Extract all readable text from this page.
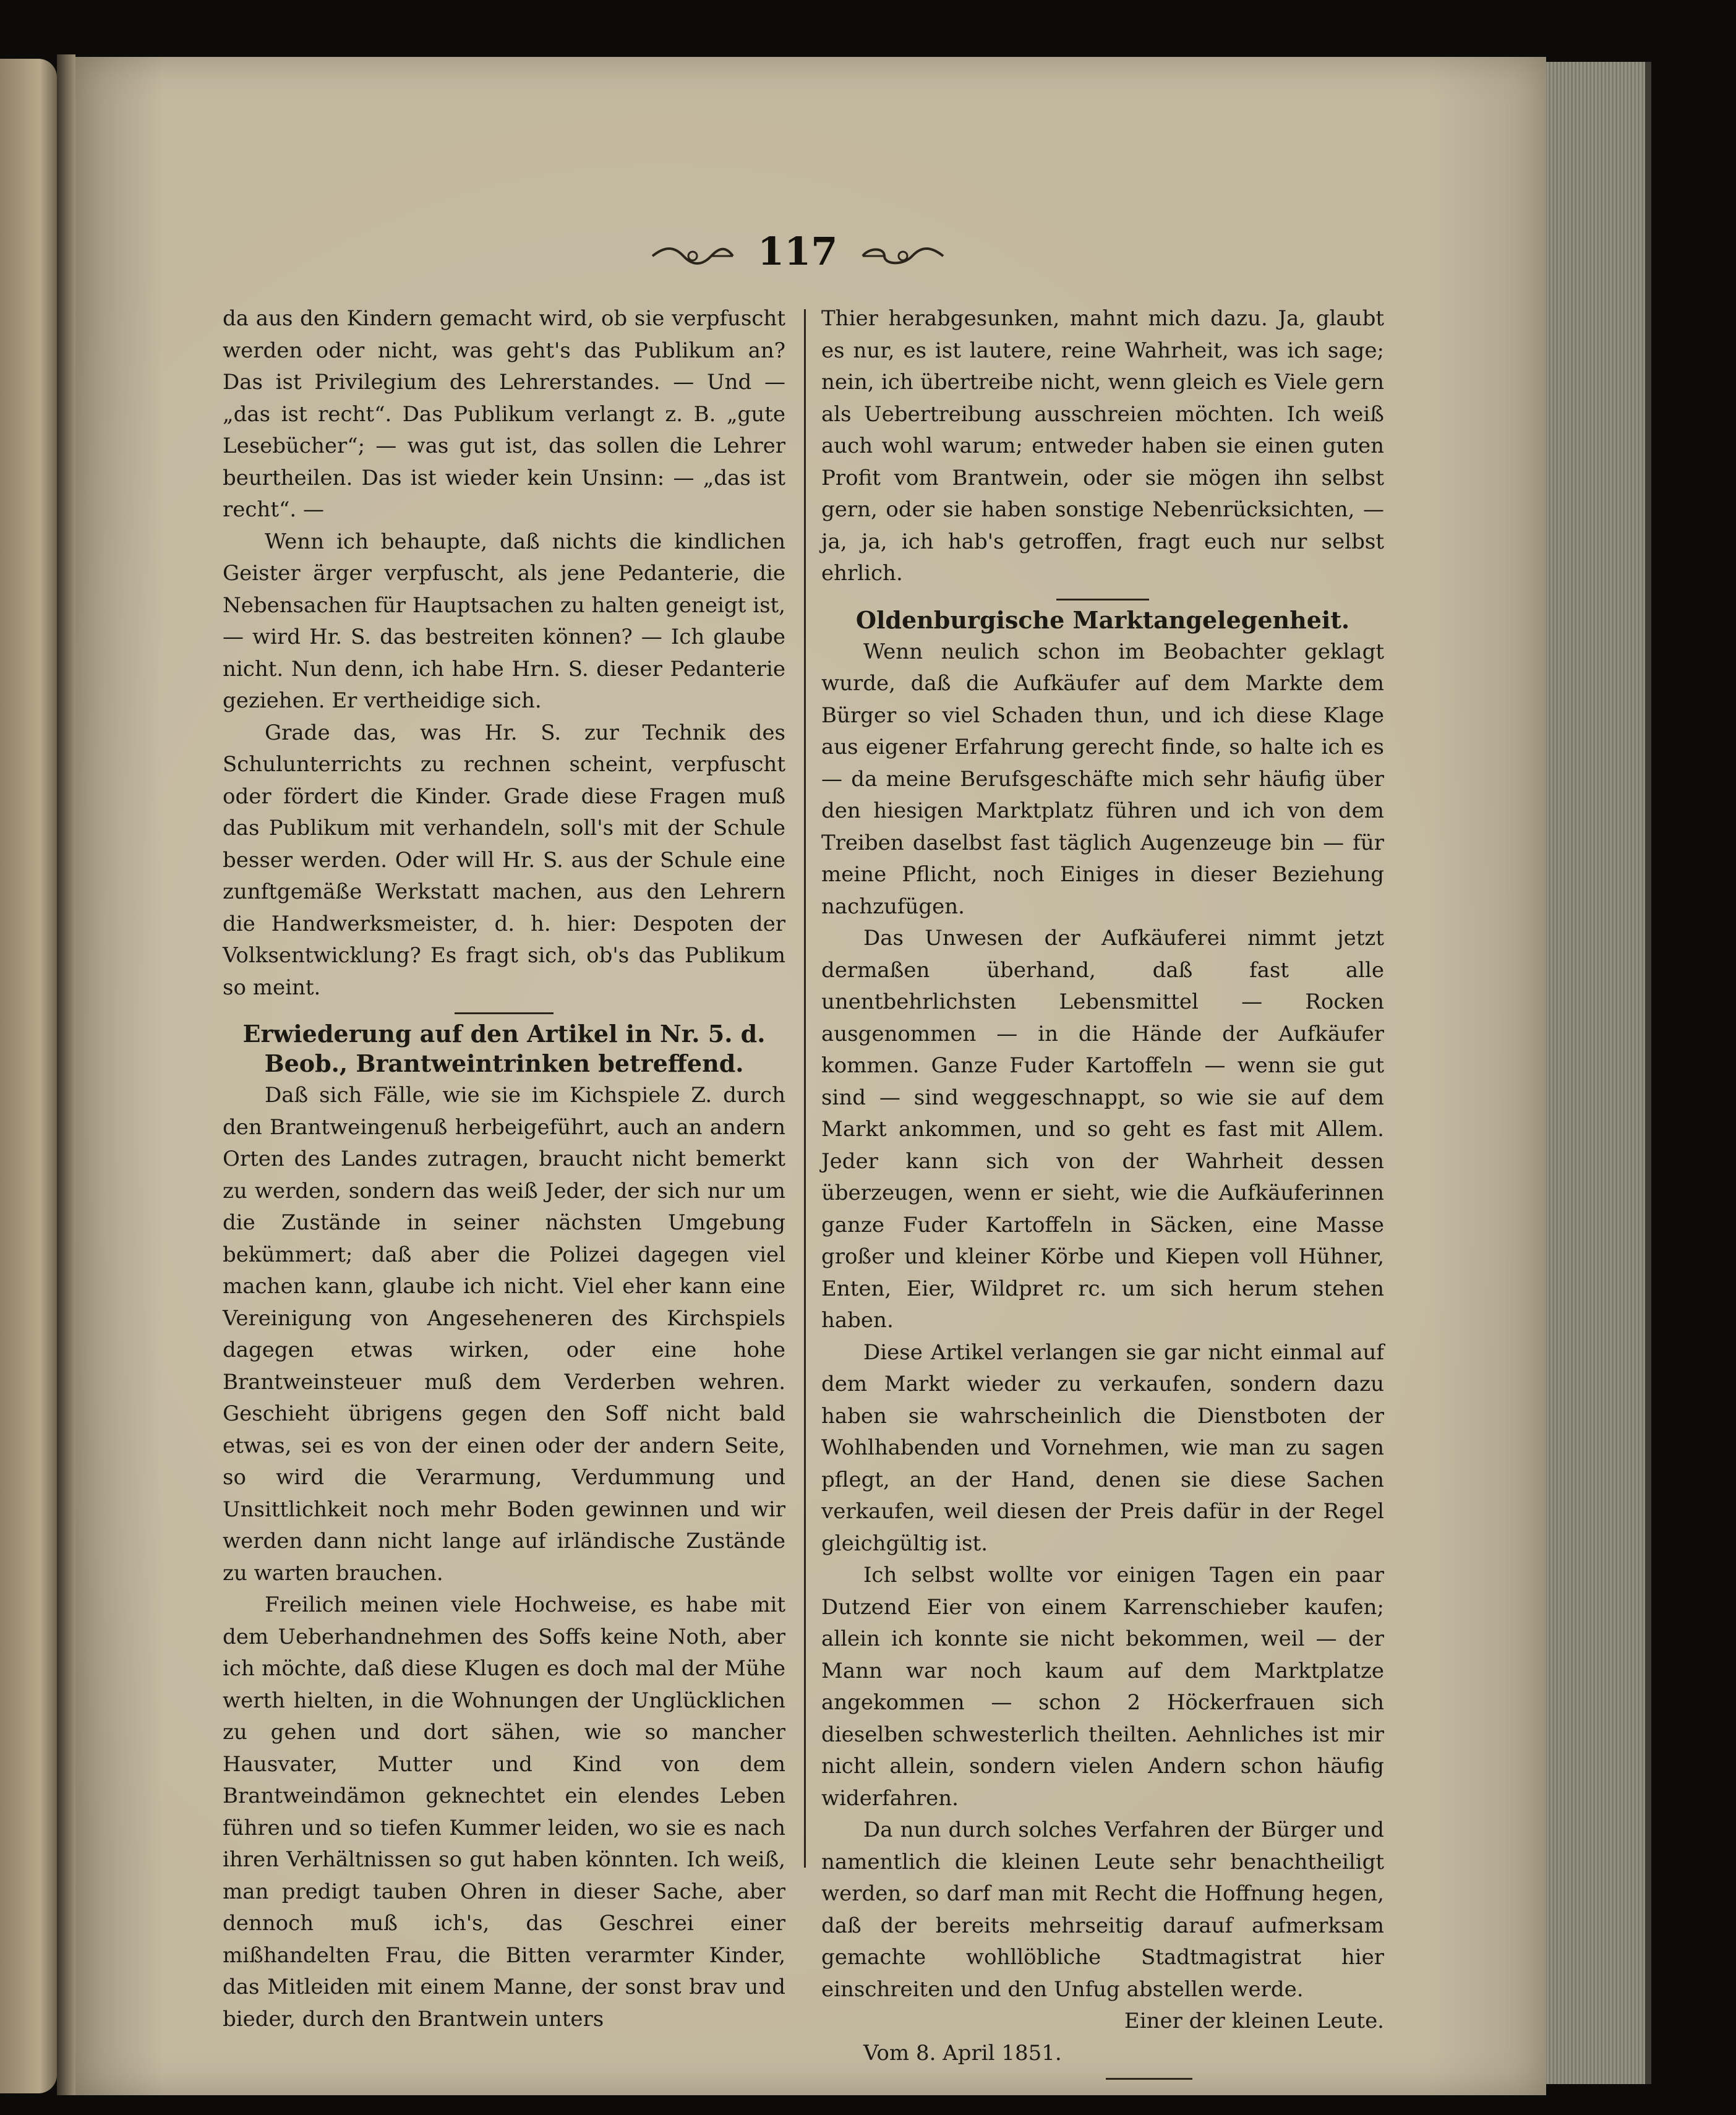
117

da aus den Kindern gemacht wird, ob sie verpfuscht werden oder nicht, was geht's das Publikum an? Das ist Privilegium des Lehrerstandes. — Und — „das ist recht“. Das Publikum verlangt z. B. „gute Lesebücher“; — was gut ist, das sollen die Lehrer beurtheilen. Das ist wieder kein Unsinn: — „das ist recht“. —

Wenn ich behaupte, daß nichts die kindlichen Geister ärger verpfuscht, als jene Pedanterie, die Nebensachen für Hauptsachen zu halten geneigt ist, — wird Hr. S. das bestreiten können? — Ich glaube nicht. Nun denn, ich habe Hrn. S. dieser Pedanterie geziehen. Er vertheidige sich.

Grade das, was Hr. S. zur Technik des Schulunterrichts zu rechnen scheint, verpfuscht oder fördert die Kinder. Grade diese Fragen muß das Publikum mit verhandeln, soll's mit der Schule besser werden. Oder will Hr. S. aus der Schule eine zunftgemäße Werkstatt machen, aus den Lehrern die Handwerksmeister, d. h. hier: Despoten der Volksentwicklung? Es fragt sich, ob's das Publikum so meint.

Erwiederung auf den Artikel in Nr. 5. d. Beob., Brantweintrinken betreffend.

Daß sich Fälle, wie sie im Kichspiele Z. durch den Brantweingenuß herbeigeführt, auch an andern Orten des Landes zutragen, braucht nicht bemerkt zu werden, sondern das weiß Jeder, der sich nur um die Zustände in seiner nächsten Umgebung bekümmert; daß aber die Polizei dagegen viel machen kann, glaube ich nicht. Viel eher kann eine Vereinigung von Angeseheneren des Kirchspiels dagegen etwas wirken, oder eine hohe Brantweinsteuer muß dem Verderben wehren. Geschieht übrigens gegen den Soff nicht bald etwas, sei es von der einen oder der andern Seite, so wird die Verarmung, Verdummung und Unsittlichkeit noch mehr Boden gewinnen und wir werden dann nicht lange auf irländische Zustände zu warten brauchen.

Freilich meinen viele Hochweise, es habe mit dem Ueberhandnehmen des Soffs keine Noth, aber ich möchte, daß diese Klugen es doch mal der Mühe werth hielten, in die Wohnungen der Unglücklichen zu gehen und dort sähen, wie so mancher Hausvater, Mutter und Kind von dem Brantweindämon geknechtet ein elendes Leben führen und so tiefen Kummer leiden, wo sie es nach ihren Verhältnissen so gut haben könnten. Ich weiß, man predigt tauben Ohren in dieser Sache, aber dennoch muß ich's, das Geschrei einer mißhandelten Frau, die Bitten verarmter Kinder, das Mitleiden mit einem Manne, der sonst brav und bieder, durch den Brantwein unters

Thier herabgesunken, mahnt mich dazu. Ja, glaubt es nur, es ist lautere, reine Wahrheit, was ich sage; nein, ich übertreibe nicht, wenn gleich es Viele gern als Uebertreibung ausschreien möchten. Ich weiß auch wohl warum; entweder haben sie einen guten Profit vom Brantwein, oder sie mögen ihn selbst gern, oder sie haben sonstige Nebenrücksichten, — ja, ja, ich hab's getroffen, fragt euch nur selbst ehrlich.

Oldenburgische Marktangelegenheit.

Wenn neulich schon im Beobachter geklagt wurde, daß die Aufkäufer auf dem Markte dem Bürger so viel Schaden thun, und ich diese Klage aus eigener Erfahrung gerecht finde, so halte ich es — da meine Berufsgeschäfte mich sehr häufig über den hiesigen Marktplatz führen und ich von dem Treiben daselbst fast täglich Augenzeuge bin — für meine Pflicht, noch Einiges in dieser Beziehung nachzufügen.

Das Unwesen der Aufkäuferei nimmt jetzt dermaßen überhand, daß fast alle unentbehrlichsten Lebensmittel — Rocken ausgenommen — in die Hände der Aufkäufer kommen. Ganze Fuder Kartoffeln — wenn sie gut sind — sind weggeschnappt, so wie sie auf dem Markt ankommen, und so geht es fast mit Allem. Jeder kann sich von der Wahrheit dessen überzeugen, wenn er sieht, wie die Aufkäuferinnen ganze Fuder Kartoffeln in Säcken, eine Masse großer und kleiner Körbe und Kiepen voll Hühner, Enten, Eier, Wildpret rc. um sich herum stehen haben.

Diese Artikel verlangen sie gar nicht einmal auf dem Markt wieder zu verkaufen, sondern dazu haben sie wahrscheinlich die Dienstboten der Wohlhabenden und Vornehmen, wie man zu sagen pflegt, an der Hand, denen sie diese Sachen verkaufen, weil diesen der Preis dafür in der Regel gleichgültig ist.

Ich selbst wollte vor einigen Tagen ein paar Dutzend Eier von einem Karrenschieber kaufen; allein ich konnte sie nicht bekommen, weil — der Mann war noch kaum auf dem Marktplatze angekommen — schon 2 Höckerfrauen sich dieselben schwesterlich theilten. Aehnliches ist mir nicht allein, sondern vielen Andern schon häufig widerfahren.

Da nun durch solches Verfahren der Bürger und namentlich die kleinen Leute sehr benachtheiligt werden, so darf man mit Recht die Hoffnung hegen, daß der bereits mehrseitig darauf aufmerksam gemachte wohllöbliche Stadtmagistrat hier einschreiten und den Unfug abstellen werde.

Einer der kleinen Leute.

Vom 8. April 1851.
